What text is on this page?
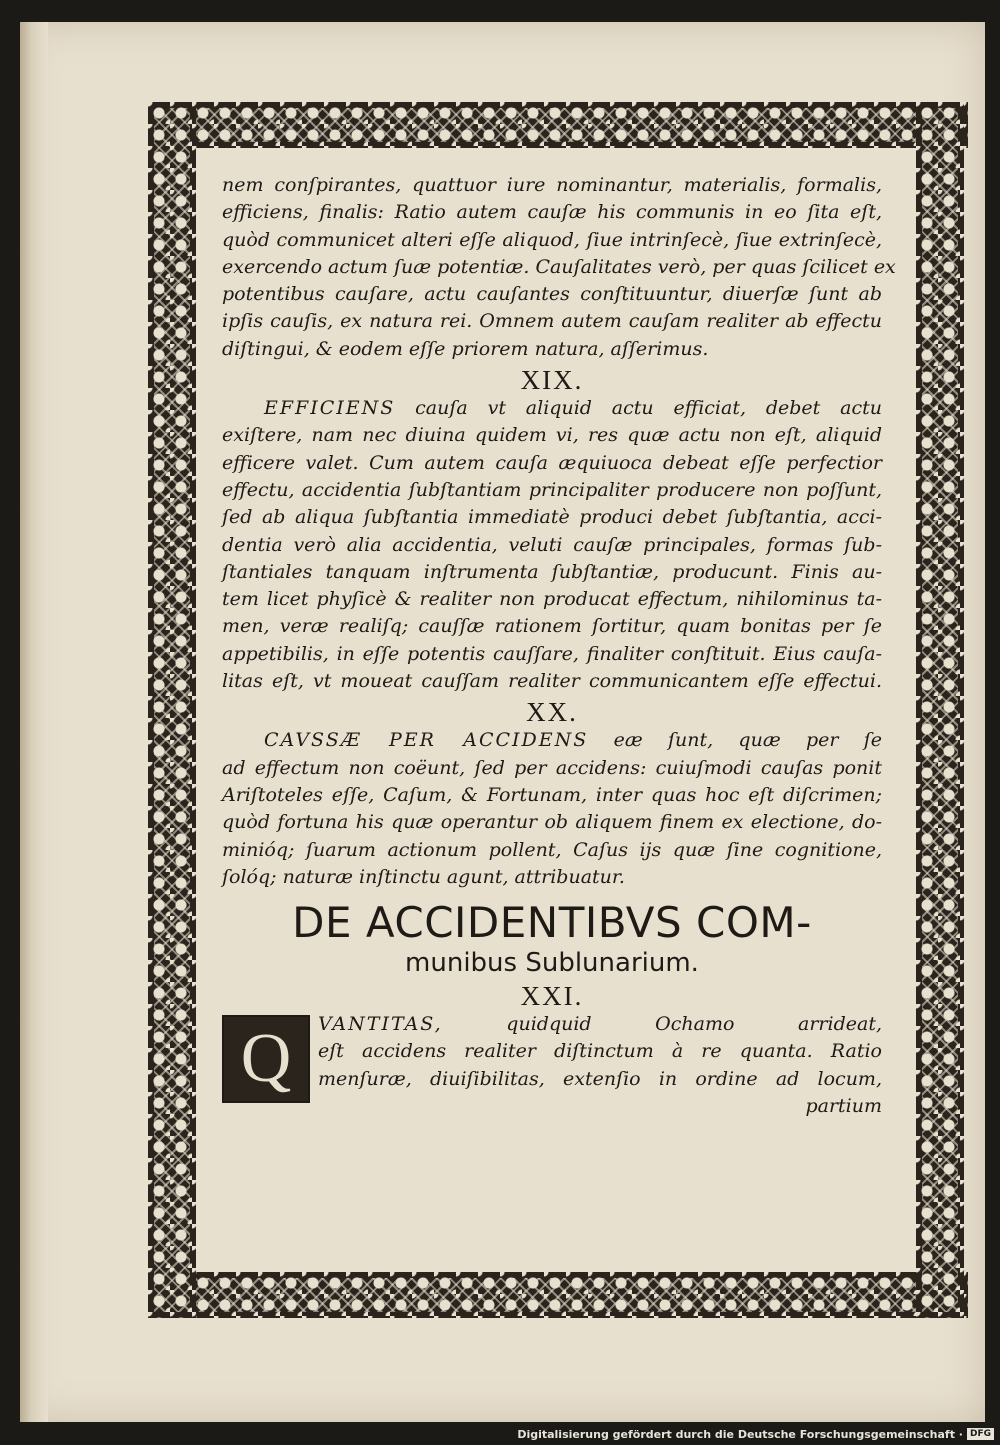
nem conſpirantes, quattuor iure nominantur, materialis, formalis,
efficiens, finalis: Ratio autem cauſæ his communis in eo ſita eſt,
quòd communicet alteri eſſe aliquod, ſiue intrinſecè, ſiue extrinſecè,
exercendo actum ſuæ potentiæ. Cauſalitates verò, per quas ſcilicet ex
potentibus cauſare, actu cauſantes conſtituuntur, diuerſæ ſunt ab
ipſis cauſis, ex natura rei. Omnem autem cauſam realiter ab effectu
diſtingui, & eodem eſſe priorem natura, aſſerimus.
XIX.
EFFICIENS cauſa vt aliquid actu efficiat, debet actu
exiſtere, nam nec diuina quidem vi, res quæ actu non eſt, aliquid
efficere valet. Cum autem cauſa æquiuoca debeat eſſe perfectior
effectu, accidentia ſubſtantiam principaliter producere non poſſunt,
ſed ab aliqua ſubſtantia immediatè produci debet ſubſtantia, acci-
dentia verò alia accidentia, veluti cauſæ principales, formas ſub-
ſtantiales tanquam inſtrumenta ſubſtantiæ, producunt. Finis au-
tem licet phyſicè & realiter non producat effectum, nihilominus ta-
men, veræ realiſq; cauſſæ rationem ſortitur, quam bonitas per ſe
appetibilis, in eſſe potentis cauſſare, finaliter conſtituit. Eius cauſa-
litas eſt, vt moueat cauſſam realiter communicantem eſſe effectui.
XX.
CAVSSÆ PER ACCIDENS eæ ſunt, quæ per ſe
ad effectum non coëunt, ſed per accidens: cuiuſmodi cauſas ponit
Ariſtoteles eſſe, Caſum, & Fortunam, inter quas hoc eſt diſcrimen;
quòd fortuna his quæ operantur ob aliquem finem ex electione, do-
minióq; ſuarum actionum pollent, Caſus ijs quæ ſine cognitione,
ſolóq; naturæ inſtinctu agunt, attribuatur.
DE ACCIDENTIBVS COM-
munibus Sublunarium.
XXI.
Q VANTITAS, quidquid Ochamo arrideat,
eſt accidens realiter diſtinctum à re quanta. Ratio
menſuræ, diuiſibilitas, extenſio in ordine ad locum,
partium
Digitalisierung gefördert durch die Deutsche Forschungsgemeinschaft · DFG
